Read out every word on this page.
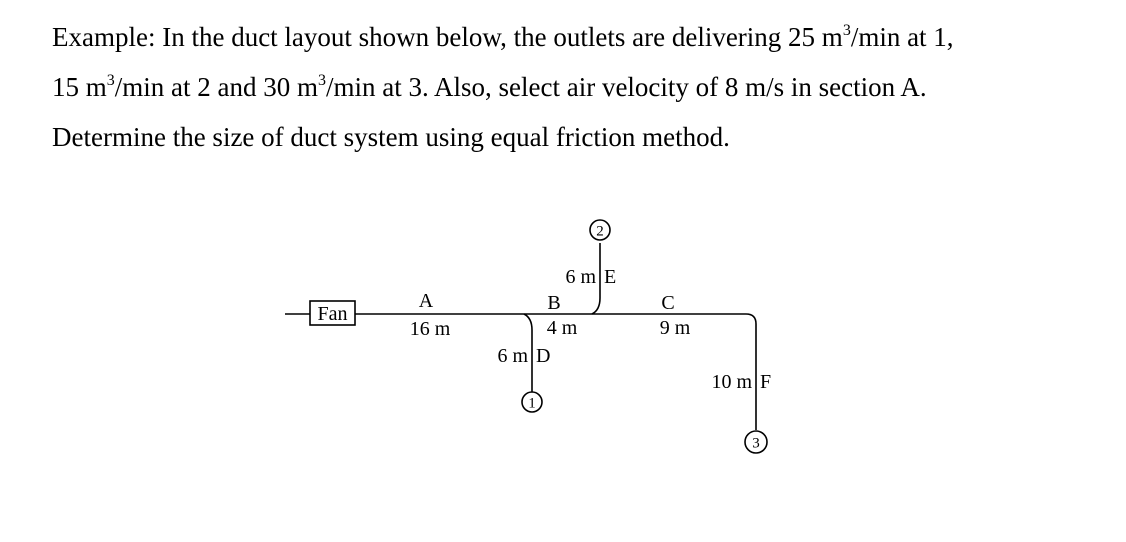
Example: In the duct layout shown below, the outlets are delivering 25 $m^3/\min$ at 1,
15 $m^3/\min$ at 2 and 30 $m^3/\min$ at 3. Also, select air velocity of 8 m/s in section A.
Determine the size of duct system using equal friction method.
Fan
1
2
3
A
16 m
B
4 m
C
9 m
6 m D
6 m E
10 m F
